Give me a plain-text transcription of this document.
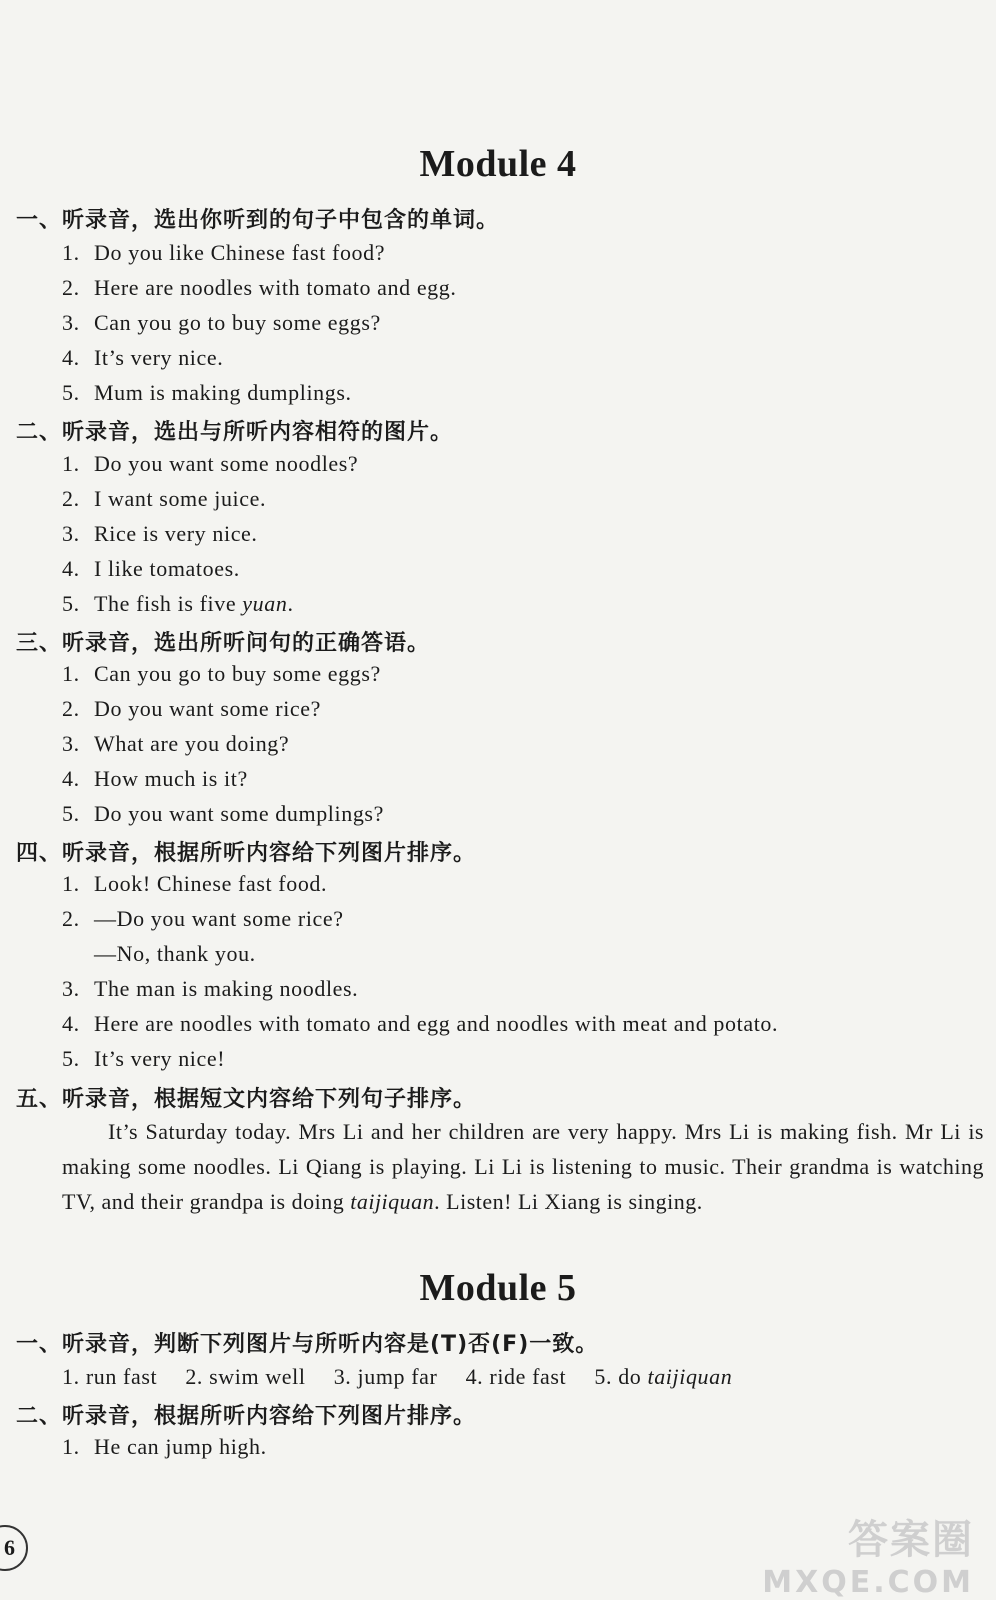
Module 4
一、听录音，选出你听到的句子中包含的单词。
1. Do you like Chinese fast food?
2. Here are noodles with tomato and egg.
3. Can you go to buy some eggs?
4. It’s very nice.
5. Mum is making dumplings.
二、听录音，选出与所听内容相符的图片。
1. Do you want some noodles?
2. I want some juice.
3. Rice is very nice.
4. I like tomatoes.
5. The fish is five yuan.
三、听录音，选出所听问句的正确答语。
1. Can you go to buy some eggs?
2. Do you want some rice?
3. What are you doing?
4. How much is it?
5. Do you want some dumplings?
四、听录音，根据所听内容给下列图片排序。
1. Look! Chinese fast food.
2. —Do you want some rice?
—No, thank you.
3. The man is making noodles.
4. Here are noodles with tomato and egg and noodles with meat and potato.
5. It’s very nice!
五、听录音，根据短文内容给下列句子排序。
It’s Saturday today. Mrs Li and her children are very happy. Mrs Li is making fish. Mr Li is making some noodles. Li Qiang is playing. Li Li is listening to music. Their grandma is watching TV, and their grandpa is doing taijiquan. Listen! Li Xiang is singing.
Module 5
一、听录音，判断下列图片与所听内容是(T)否(F)一致。
1. run fast 2. swim well 3. jump far 4. ride fast 5. do taijiquan
二、听录音，根据所听内容给下列图片排序。
1. He can jump high.
6	答案圈
MXQE.COM
